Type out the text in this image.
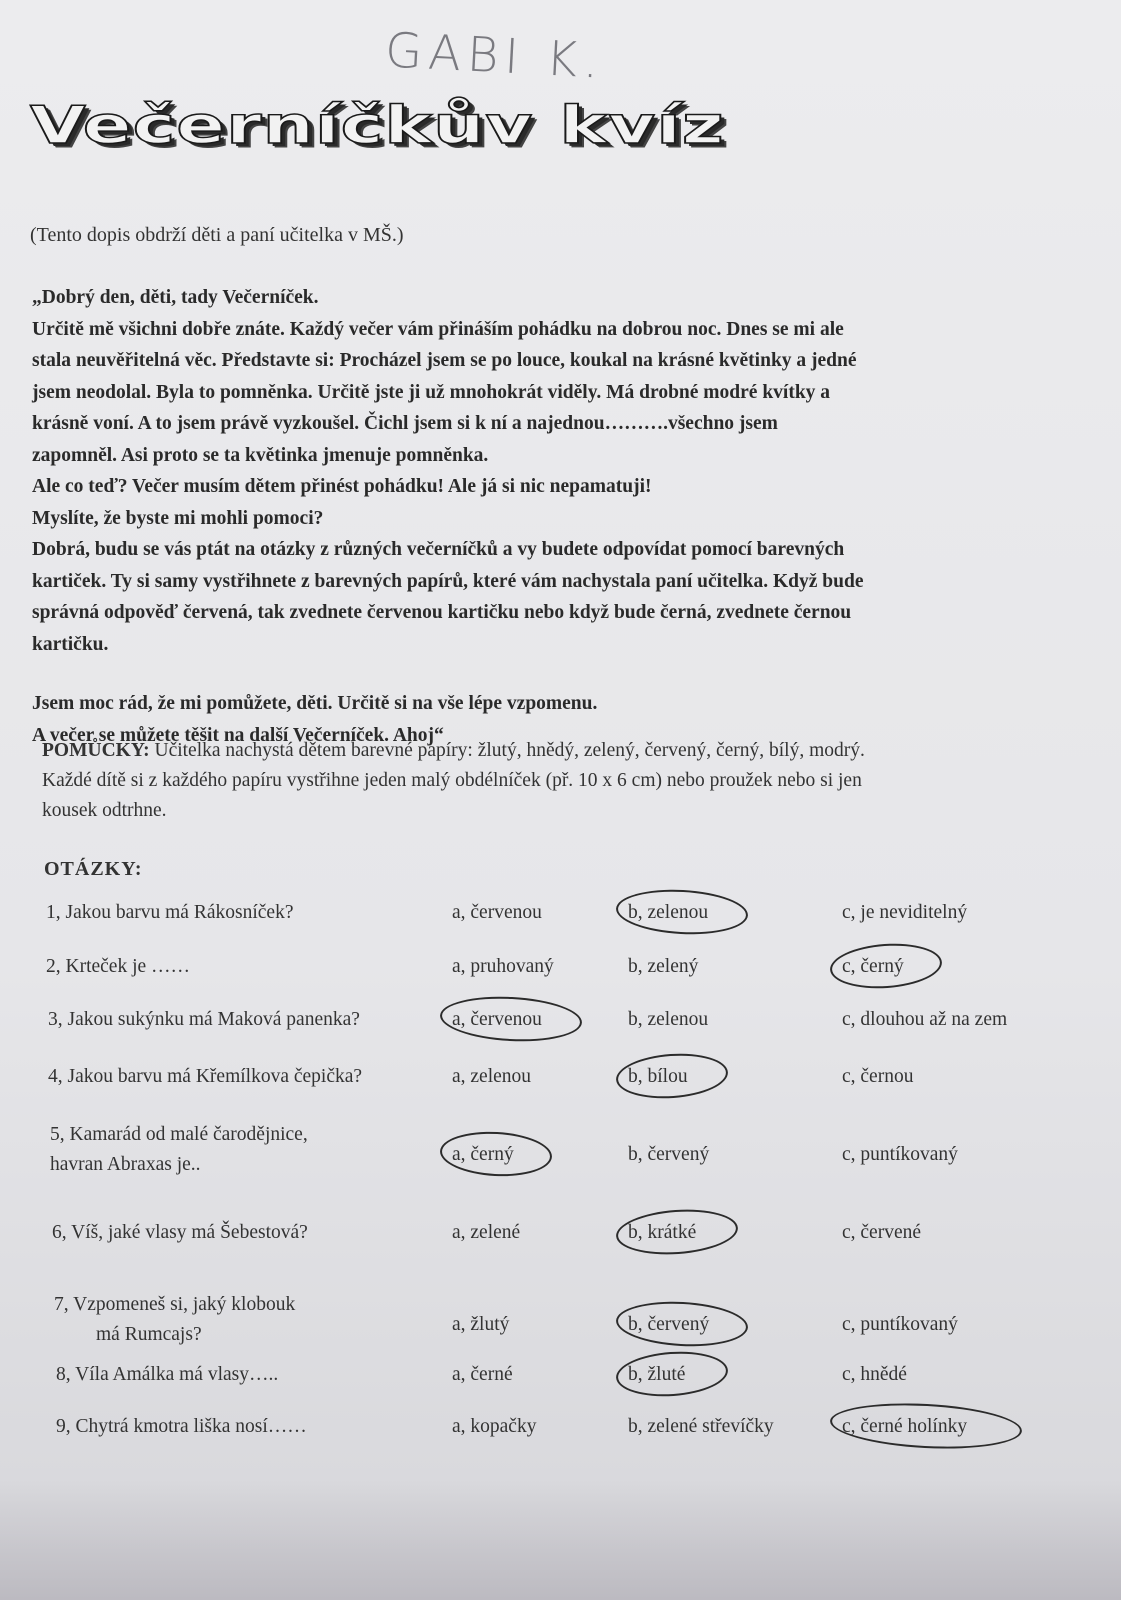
GABI K.
Večerníčkův kvíz
(Tento dopis obdrží děti a paní učitelka v MŠ.)

„Dobrý den, děti, tady Večerníček.

Určitě mě všichni dobře znáte. Každý večer vám přináším pohádku na dobrou noc. Dnes se mi ale

stala neuvěřitelná věc. Představte si: Procházel jsem se po louce, koukal na krásné květinky a jedné

jsem neodolal. Byla to pomněnka. Určitě jste ji už mnohokrát viděly. Má drobné modré kvítky a

krásně voní. A to jsem právě vyzkoušel. Čichl jsem si k ní a najednou……….všechno jsem

zapomněl. Asi proto se ta květinka jmenuje pomněnka.

Ale co teď? Večer musím dětem přinést pohádku! Ale já si nic nepamatuji!

Myslíte, že byste mi mohli pomoci?

Dobrá, budu se vás ptát na otázky z různých večerníčků a vy budete odpovídat pomocí barevných

kartiček. Ty si samy vystřihnete z barevných papírů, které vám nachystala paní učitelka. Když bude

správná odpověď červená, tak zvednete červenou kartičku nebo když bude černá, zvednete černou

kartičku.

Jsem moc rád, že mi pomůžete, děti. Určitě si na vše lépe vzpomenu.

A večer se můžete těšit na další Večerníček. Ahoj“

POMŮCKY: Učitelka nachystá dětem barevné papíry: žlutý, hnědý, zelený, červený, černý, bílý, modrý.
Každé dítě si z každého papíru vystřihne jeden malý obdélníček (př. 10 x 6 cm) nebo proužek nebo si jen
kousek odtrhne.
OTÁZKY:
1, Jakou barvu má Rákosníček?	a, červenou	b, zelenou	c, je neviditelný
2, Krteček je ……	a, pruhovaný	b, zelený	c, černý
3, Jakou sukýnku má Maková panenka?	a, červenou	b, zelenou	c, dlouhou až na zem
4, Jakou barvu má Křemílkova čepička?	a, zelenou	b, bílou	c, černou
5, Kamarád od malé čarodějnice,
havran Abraxas je..	a, černý	b, červený	c, puntíkovaný
6, Víš, jaké vlasy má Šebestová?	a, zelené	b, krátké	c, červené
7, Vzpomeneš si, jaký klobouk
má Rumcajs?	a, žlutý	b, červený	c, puntíkovaný
8, Víla Amálka má vlasy…..	a, černé	b, žluté	c, hnědé
9, Chytrá kmotra liška nosí……	a, kopačky	b, zelené střevíčky	c, černé holínky
